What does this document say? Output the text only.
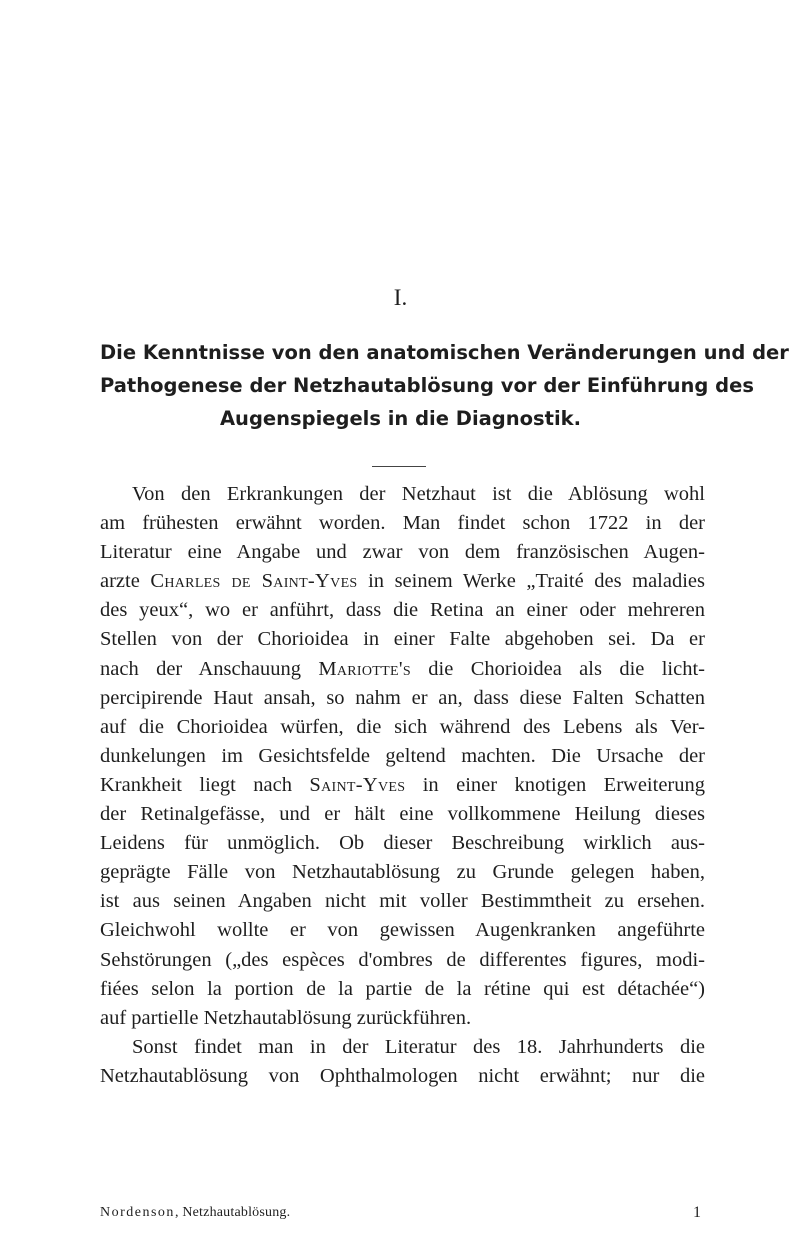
I.
Die Kenntnisse von den anatomischen Veränderungen und der
Pathogenese der Netzhautablösung vor der Einführung des
Augenspiegels in die Diagnostik.
Von den Erkrankungen der Netzhaut ist die Ablösung wohl
am frühesten erwähnt worden. Man findet schon 1722 in der
Literatur eine Angabe und zwar von dem französischen Augen-
arzte Charles de Saint-Yves in seinem Werke „Traité des maladies
des yeux“, wo er anführt, dass die Retina an einer oder mehreren
Stellen von der Chorioidea in einer Falte abgehoben sei. Da er
nach der Anschauung Mariotte's die Chorioidea als die licht-
percipirende Haut ansah, so nahm er an, dass diese Falten Schatten
auf die Chorioidea würfen, die sich während des Lebens als Ver-
dunkelungen im Gesichtsfelde geltend machten. Die Ursache der
Krankheit liegt nach Saint-Yves in einer knotigen Erweiterung
der Retinalgefässe, und er hält eine vollkommene Heilung dieses
Leidens für unmöglich. Ob dieser Beschreibung wirklich aus-
geprägte Fälle von Netzhautablösung zu Grunde gelegen haben,
ist aus seinen Angaben nicht mit voller Bestimmtheit zu ersehen.
Gleichwohl wollte er von gewissen Augenkranken angeführte
Sehstörungen („des espèces d'ombres de differentes figures, modi-
fiées selon la portion de la partie de la rétine qui est détachée“)
auf partielle Netzhautablösung zurückführen.
Sonst findet man in der Literatur des 18. Jahrhunderts die
Netzhautablösung von Ophthalmologen nicht erwähnt; nur die
Nordenson, Netzhautablösung.	1
